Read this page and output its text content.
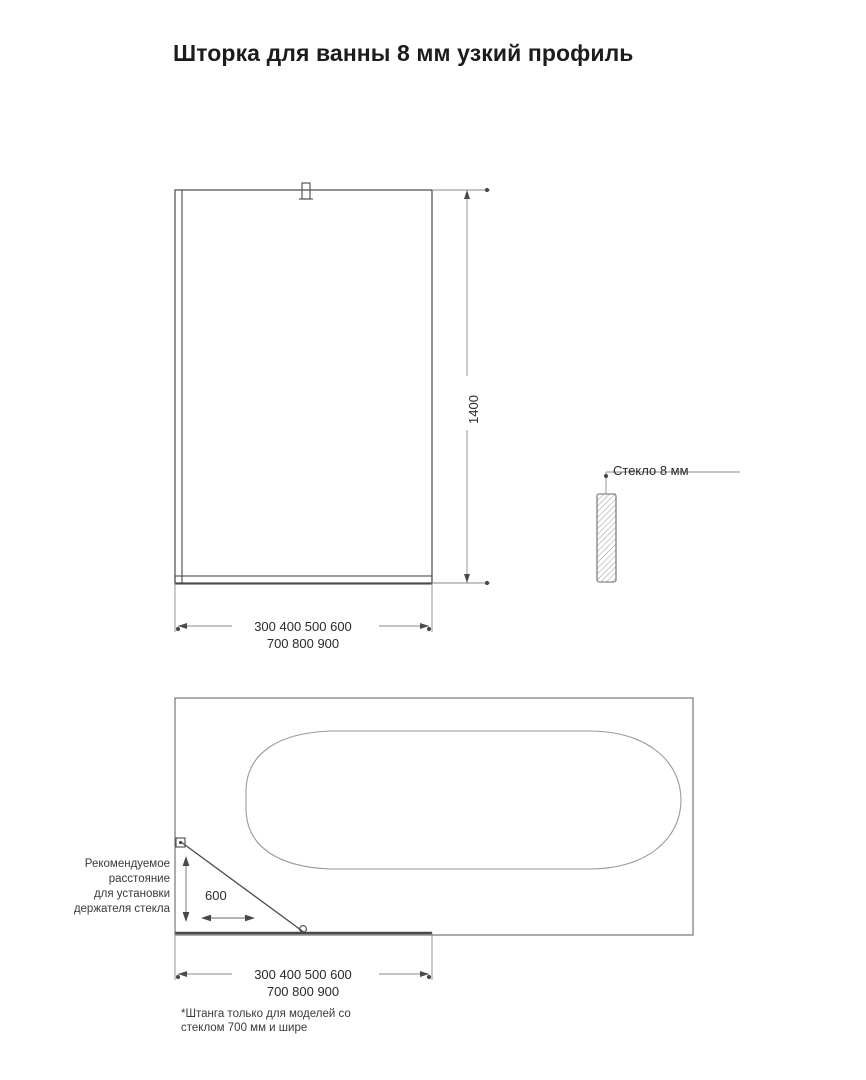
Шторка для ванны 8 мм узкий профиль
1400
300 400 500 600
700 800 900
Стекло 8 мм
Рекомендуемое
расстояние
для установки
держателя стекла
600
300 400 500 600
700 800 900
*Штанга только для моделей со
стеклом 700 мм и шире
